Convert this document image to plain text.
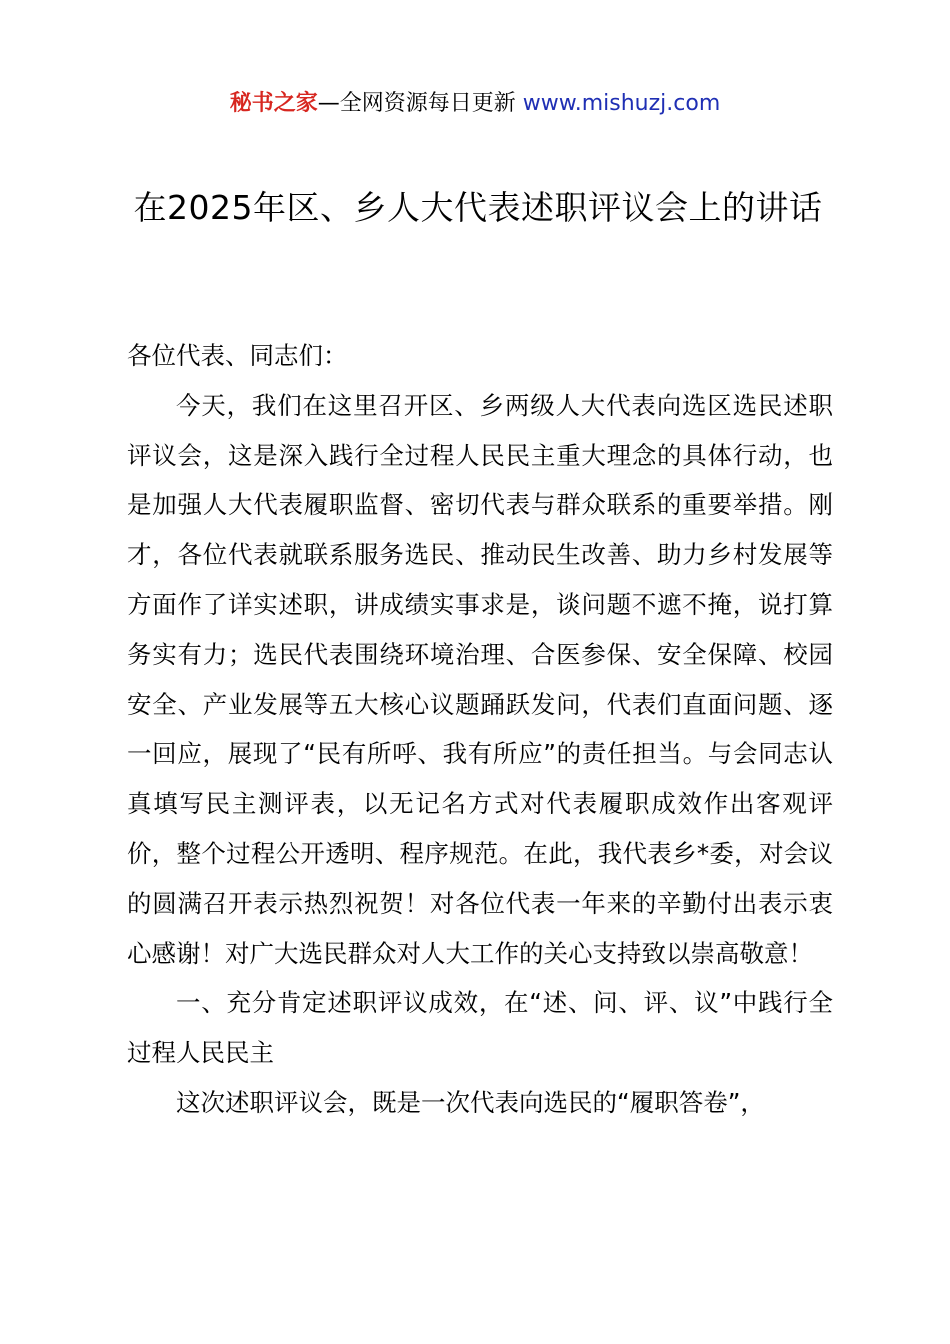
秘书之家—全网资源每日更新 www.mishuzj.com
在2025年区、乡人大代表述职评议会上的讲话

各位代表、同志们：

今天，我们在这里召开区、乡两级人大代表向选区选民述职评议会，这是深入践行全过程人民民主重大理念的具体行动，也是加强人大代表履职监督、密切代表与群众联系的重要举措。刚才，各位代表就联系服务选民、推动民生改善、助力乡村发展等方面作了详实述职，讲成绩实事求是，谈问题不遮不掩，说打算务实有力；选民代表围绕环境治理、合医参保、安全保障、校园安全、产业发展等五大核心议题踊跃发问，代表们直面问题、逐一回应，展现了“民有所呼、我有所应”的责任担当。与会同志认真填写民主测评表，以无记名方式对代表履职成效作出客观评价，整个过程公开透明、程序规范。在此，我代表乡*委，对会议的圆满召开表示热烈祝贺！对各位代表一年来的辛勤付出表示衷心感谢！对广大选民群众对人大工作的关心支持致以崇高敬意！

一、充分肯定述职评议成效，在“述、问、评、议”中践行全过程人民民主

这次述职评议会，既是一次代表向选民的“履职答卷”，
